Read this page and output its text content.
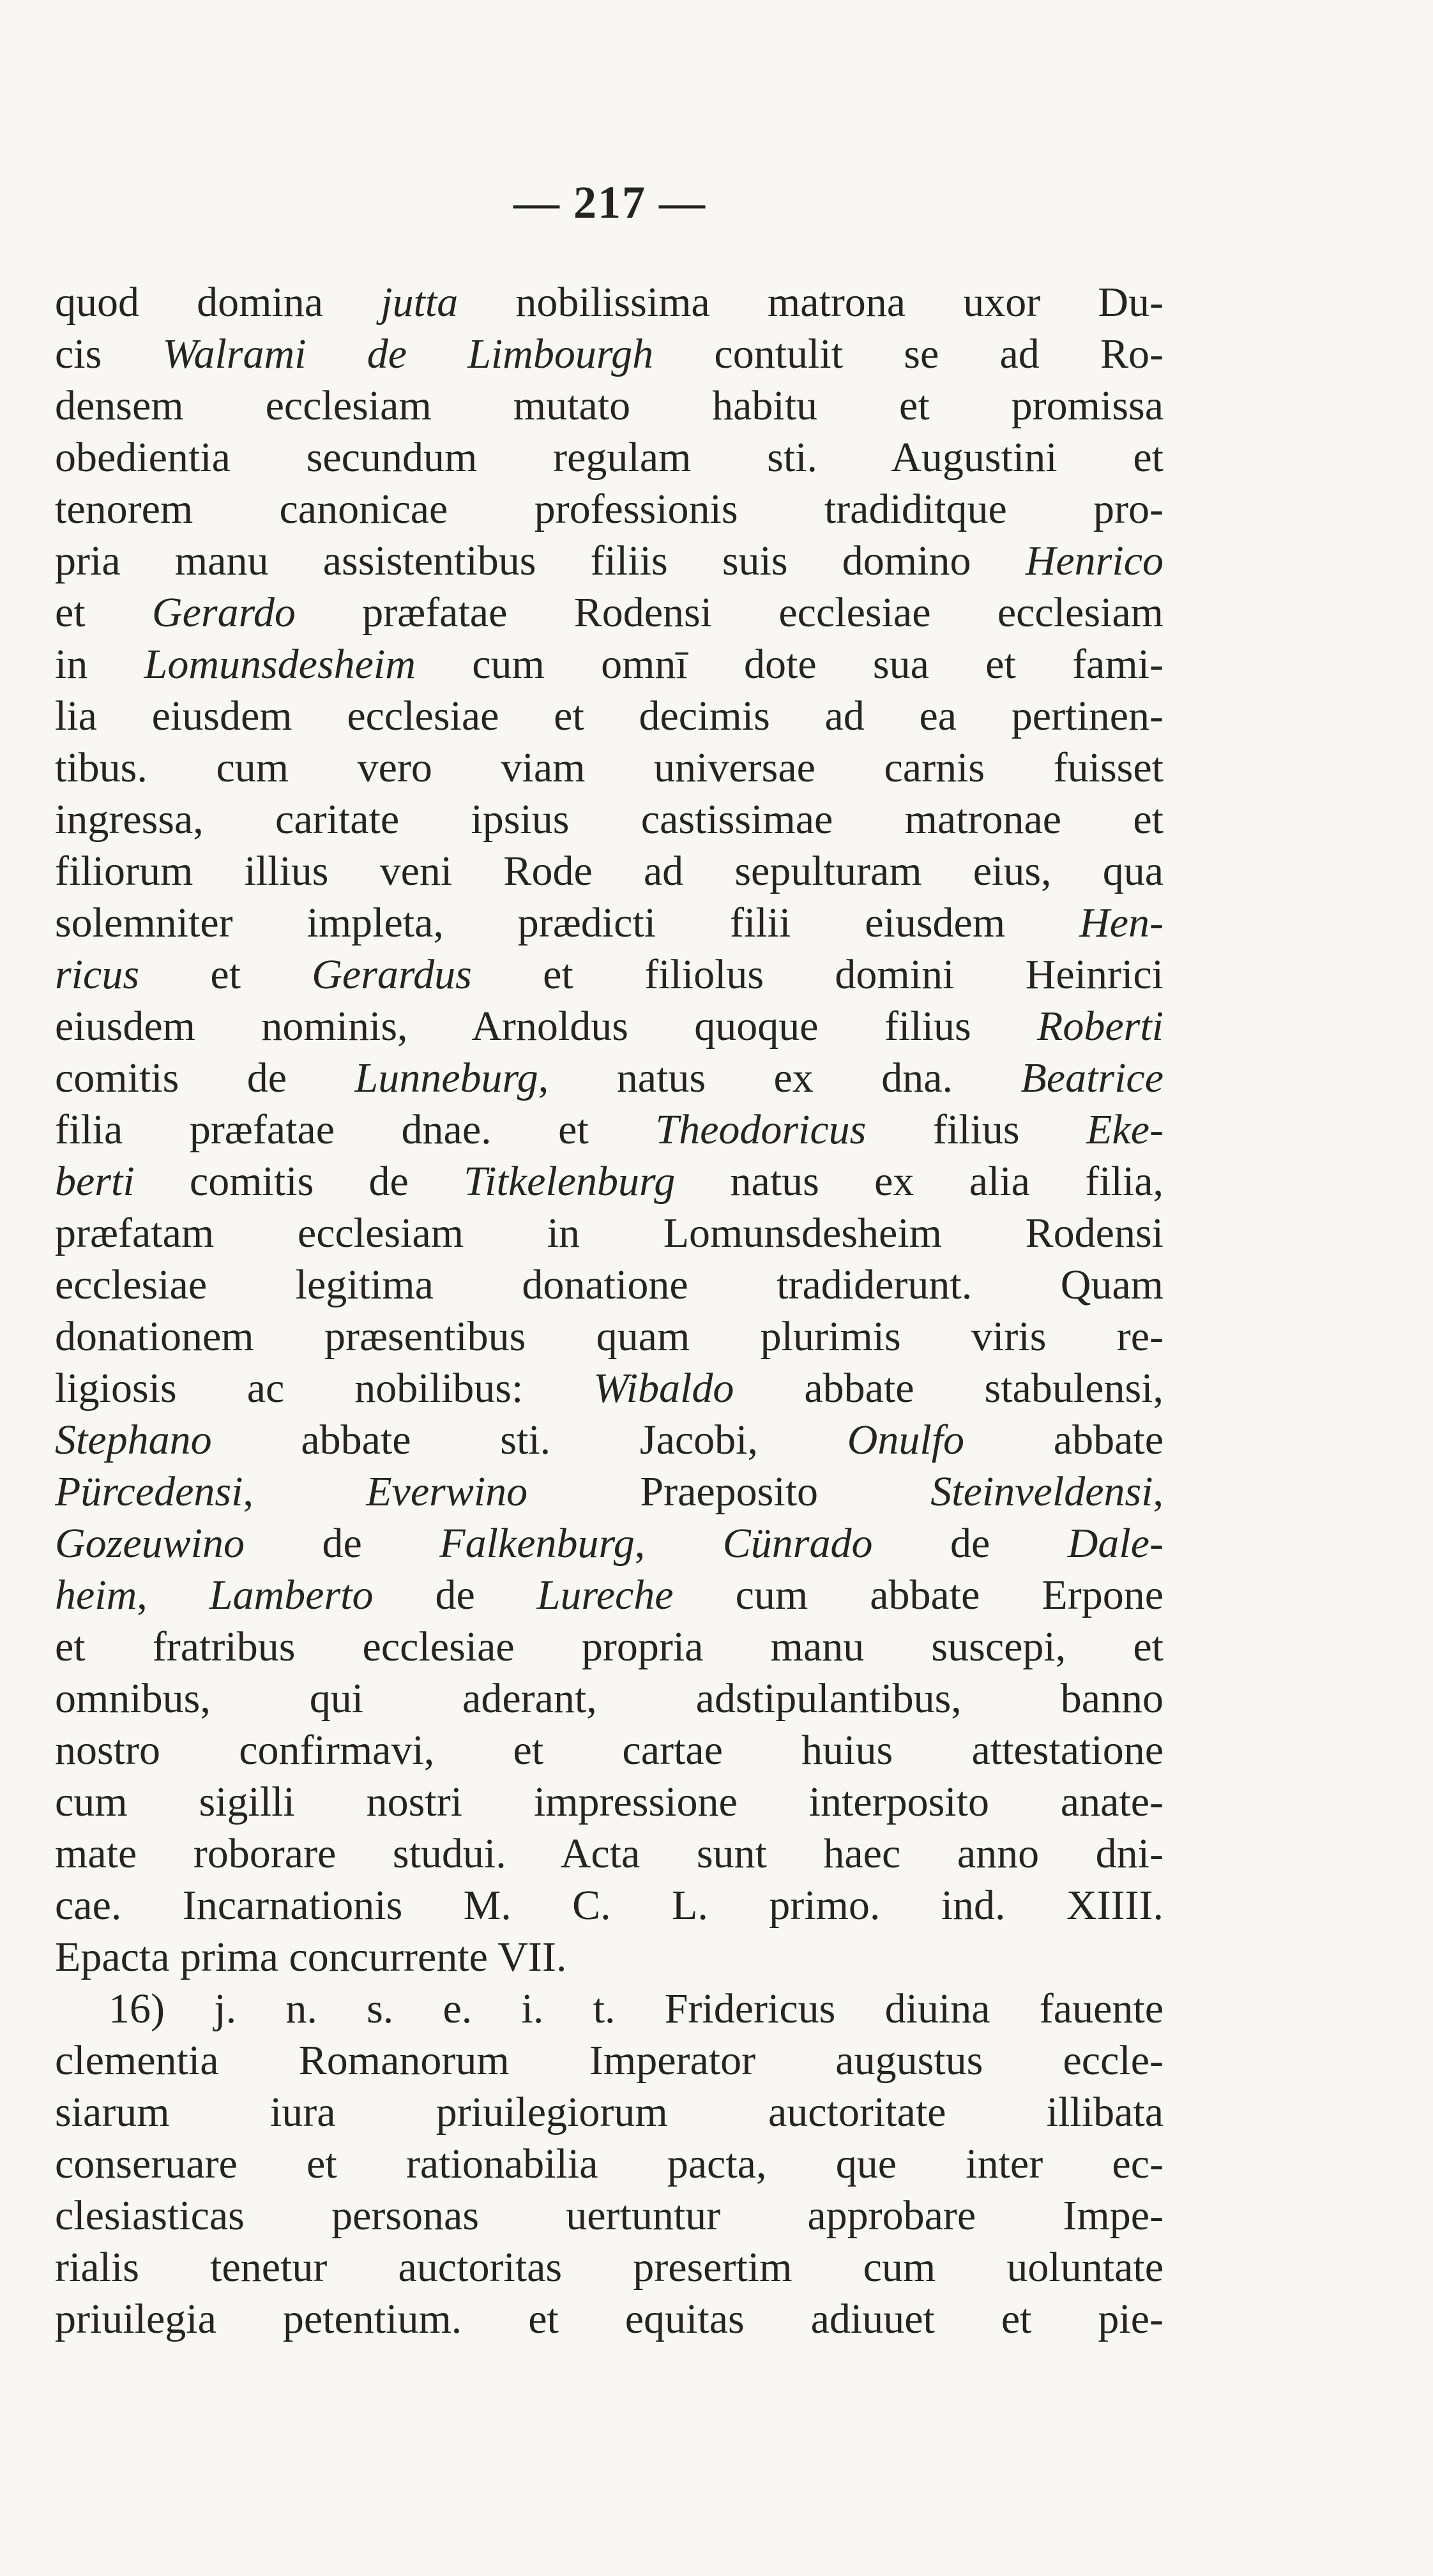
— 217 —
quod domina jutta nobilissima matrona uxor Du-
cis Walrami de Limbourgh contulit se ad Ro-
densem ecclesiam mutato habitu et promissa
obedientia secundum regulam sti. Augustini et
tenorem canonicae professionis tradiditque pro-
pria manu assistentibus filiis suis domino Henrico
et Gerardo præfatae Rodensi ecclesiae ecclesiam
in Lomunsdesheim cum omnī dote sua et fami-
lia eiusdem ecclesiae et decimis ad ea pertinen-
tibus. cum vero viam universae carnis fuisset
ingressa, caritate ipsius castissimae matronae et
filiorum illius veni Rode ad sepulturam eius, qua
solemniter impleta, prædicti filii eiusdem Hen-
ricus et Gerardus et filiolus domini Heinrici
eiusdem nominis, Arnoldus quoque filius Roberti
comitis de Lunneburg, natus ex dna. Beatrice
filia præfatae dnae. et Theodoricus filius Eke-
berti comitis de Titkelenburg natus ex alia filia,
præfatam ecclesiam in Lomunsdesheim Rodensi
ecclesiae legitima donatione tradiderunt. Quam
donationem præsentibus quam plurimis viris re-
ligiosis ac nobilibus: Wibaldo abbate stabulensi,
Stephano abbate sti. Jacobi, Onulfo abbate
Pürcedensi, Everwino Praeposito Steinveldensi,
Gozeuwino de Falkenburg, Cünrado de Dale-
heim, Lamberto de Lureche cum abbate Erpone
et fratribus ecclesiae propria manu suscepi, et
omnibus, qui aderant, adstipulantibus, banno
nostro confirmavi, et cartae huius attestatione
cum sigilli nostri impressione interposito anate-
mate roborare studui. Acta sunt haec anno dni-
cae. Incarnationis M. C. L. primo. ind. XIIII.
Epacta prima concurrente VII.
16) j. n. s. e. i. t. Fridericus diuina fauente
clementia Romanorum Imperator augustus eccle-
siarum iura priuilegiorum auctoritate illibata
conseruare et rationabilia pacta, que inter ec-
clesiasticas personas uertuntur approbare Impe-
rialis tenetur auctoritas presertim cum uoluntate
priuilegia petentium. et equitas adiuuet et pie-
